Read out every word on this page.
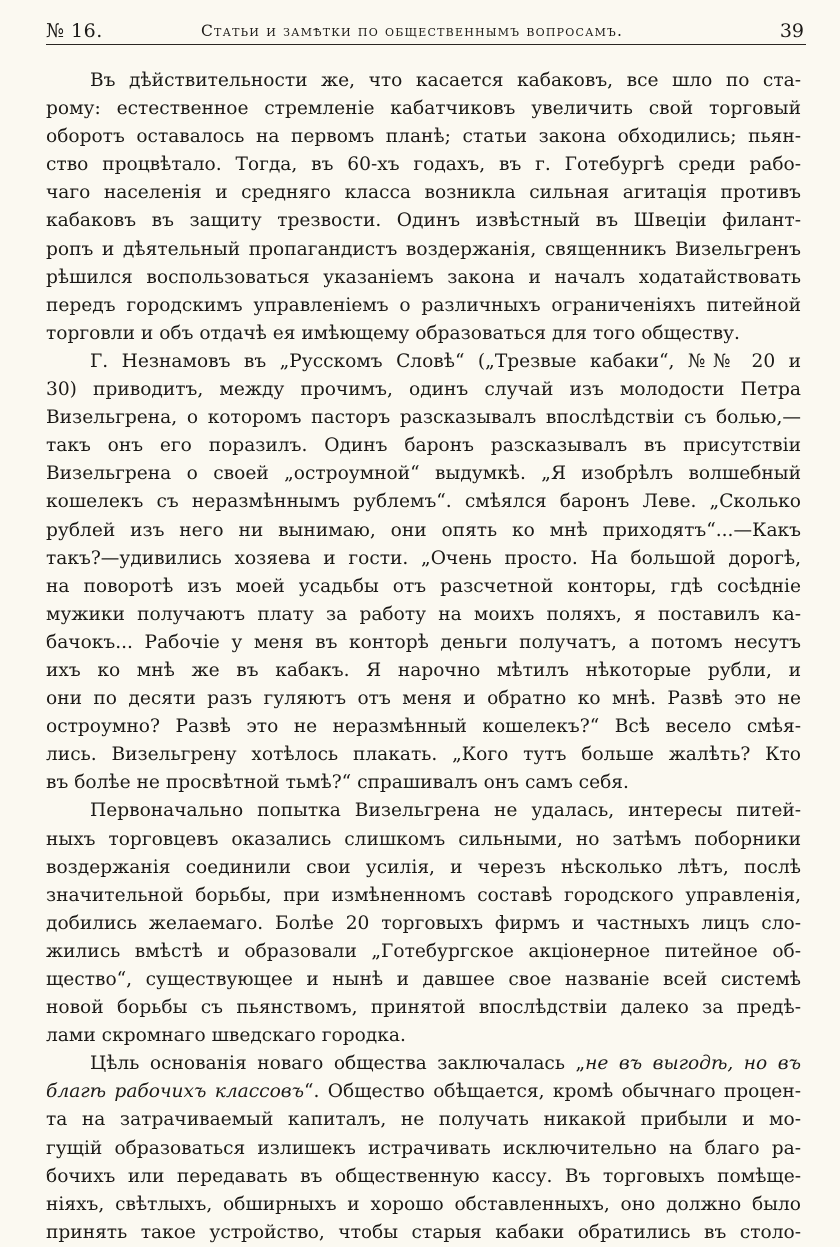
№ 16.	Статьи и замѣтки по общественнымъ вопросамъ.	39
Въ дѣйствительности же, что касается кабаковъ, все шло по ста-
рому: естественное стремленіе кабатчиковъ увеличить свой торговый
оборотъ оставалось на первомъ планѣ; статьи закона обходились; пьян-
ство процвѣтало. Тогда, въ 60-хъ годахъ, въ г. Готебургѣ среди рабо-
чаго населенія и средняго класса возникла сильная агитація противъ
кабаковъ въ защиту трезвости. Одинъ извѣстный въ Швеціи филант-
ропъ и дѣятельный пропагандистъ воздержанія, священникъ Визельгренъ
рѣшился воспользоваться указаніемъ закона и началъ ходатайствовать
передъ городскимъ управленіемъ о различныхъ ограниченіяхъ питейной
торговли и объ отдачѣ ея имѣющему образоваться для того обществу.
Г. Незнамовъ въ „Русскомъ Словѣ“ („Трезвые кабаки“, №№ 20 и
30) приводитъ, между прочимъ, одинъ случай изъ молодости Петра
Визельгрена, о которомъ пасторъ разсказывалъ впослѣдствіи съ болью,—
такъ онъ его поразилъ. Одинъ баронъ разсказывалъ въ присутствіи
Визельгрена о своей „остроумной“ выдумкѣ. „Я изобрѣлъ волшебный
кошелекъ съ неразмѣннымъ рублемъ“. смѣялся баронъ Леве. „Сколько
рублей изъ него ни вынимаю, они опять ко мнѣ приходятъ“...—Какъ
такъ?—удивились хозяева и гости. „Очень просто. На большой дорогѣ,
на поворотѣ изъ моей усадьбы отъ разсчетной конторы, гдѣ сосѣдніе
мужики получаютъ плату за работу на моихъ поляхъ, я поставилъ ка-
бачокъ... Рабочіе у меня въ конторѣ деньги получатъ, а потомъ несутъ
ихъ ко мнѣ же въ кабакъ. Я нарочно мѣтилъ нѣкоторые рубли, и
они по десяти разъ гуляютъ отъ меня и обратно ко мнѣ. Развѣ это не
остроумно? Развѣ это не неразмѣнный кошелекъ?“ Всѣ весело смѣя-
лись. Визельгрену хотѣлось плакать. „Кого тутъ больше жалѣть? Кто
въ болѣе не просвѣтной тьмѣ?“ спрашивалъ онъ самъ себя.
Первоначально попытка Визельгрена не удалась, интересы питей-
ныхъ торговцевъ оказались слишкомъ сильными, но затѣмъ поборники
воздержанія соединили свои усилія, и черезъ нѣсколько лѣтъ, послѣ
значительной борьбы, при измѣненномъ составѣ городского управленія,
добились желаемаго. Болѣе 20 торговыхъ фирмъ и частныхъ лицъ сло-
жились вмѣстѣ и образовали „Готебургское акціонерное питейное об-
щество“, существующее и нынѣ и давшее свое названіе всей системѣ
новой борьбы съ пьянствомъ, принятой впослѣдствіи далеко за предѣ-
лами скромнаго шведскаго городка.
Цѣль основанія новаго общества заключалась „не въ выгодѣ, но въ
благѣ рабочихъ классовъ“. Общество обѣщается, кромѣ обычнаго процен-
та на затрачиваемый капиталъ, не получать никакой прибыли и мо-
гущій образоваться излишекъ истрачивать исключительно на благо ра-
бочихъ или передавать въ общественную кассу. Въ торговыхъ помѣще-
ніяхъ, свѣтлыхъ, обширныхъ и хорошо обставленныхъ, оно должно было
принять такое устройство, чтобы старыя кабаки обратились въ столо-
